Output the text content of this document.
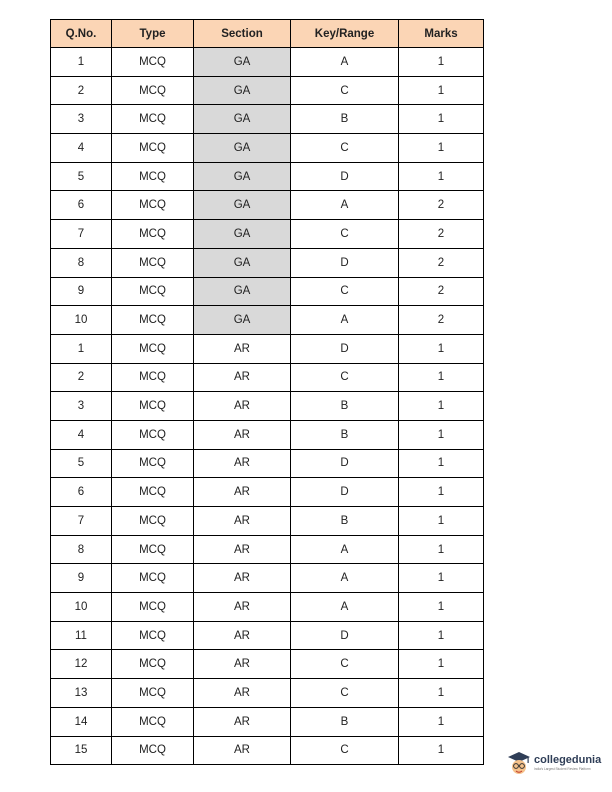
Q.No.	Type	Section	Key/Range	Marks
1	MCQ	GA	A	1
2	MCQ	GA	C	1
3	MCQ	GA	B	1
4	MCQ	GA	C	1
5	MCQ	GA	D	1
6	MCQ	GA	A	2
7	MCQ	GA	C	2
8	MCQ	GA	D	2
9	MCQ	GA	C	2
10	MCQ	GA	A	2
1	MCQ	AR	D	1
2	MCQ	AR	C	1
3	MCQ	AR	B	1
4	MCQ	AR	B	1
5	MCQ	AR	D	1
6	MCQ	AR	D	1
7	MCQ	AR	B	1
8	MCQ	AR	A	1
9	MCQ	AR	A	1
10	MCQ	AR	A	1
11	MCQ	AR	D	1
12	MCQ	AR	C	1
13	MCQ	AR	C	1
14	MCQ	AR	B	1
15	MCQ	AR	C	1
collegedunia
India's Largest Student Review Platform
